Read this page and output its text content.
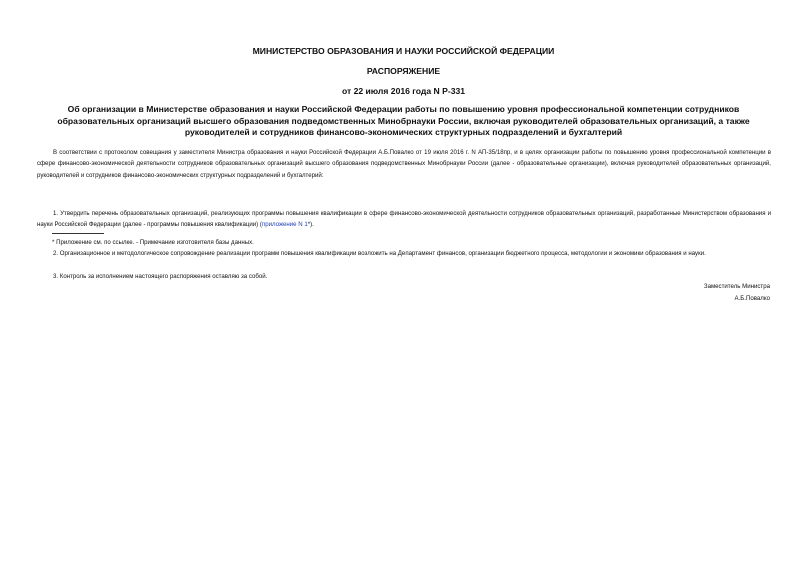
МИНИСТЕРСТВО ОБРАЗОВАНИЯ И НАУКИ РОССИЙСКОЙ ФЕДЕРАЦИИ
РАСПОРЯЖЕНИЕ
от 22 июля 2016 года N Р-331
Об организации в Министерстве образования и науки Российской Федерации работы по повышению уровня профессиональной компетенции сотрудников образовательных организаций высшего образования подведомственных Минобрнауки России, включая руководителей образовательных организаций, а также руководителей и сотрудников финансово-экономических структурных подразделений и бухгалтерий
В соответствии с протоколом совещания у заместителя Министра образования и науки Российской Федерации А.Б.Повалко от 19 июля 2016 г. N АП-35/18пр, и в целях организации работы по повышению уровня профессиональной компетенции в сфере финансово-экономической деятельности сотрудников образовательных организаций высшего образования подведомственных Минобрнауки России (далее - образовательные организации), включая руководителей образовательных организаций, руководителей и сотрудников финансово-экономических структурных подразделений и бухгалтерий:
1. Утвердить перечень образовательных организаций, реализующих программы повышения квалификации в сфере финансово-экономической деятельности сотрудников образовательных организаций, разработанные Министерством образования и науки Российской Федерации (далее - программы повышения квалификации) (приложение N 1*).
* Приложение см. по ссылке. - Примечание изготовителя базы данных.
2. Организационное и методологическое сопровождение реализации программ повышения квалификации возложить на Департамент финансов, организации бюджетного процесса, методологии и экономики образования и науки.
3. Контроль за исполнением настоящего распоряжения оставляю за собой.
Заместитель Министра
А.Б.Повалко
